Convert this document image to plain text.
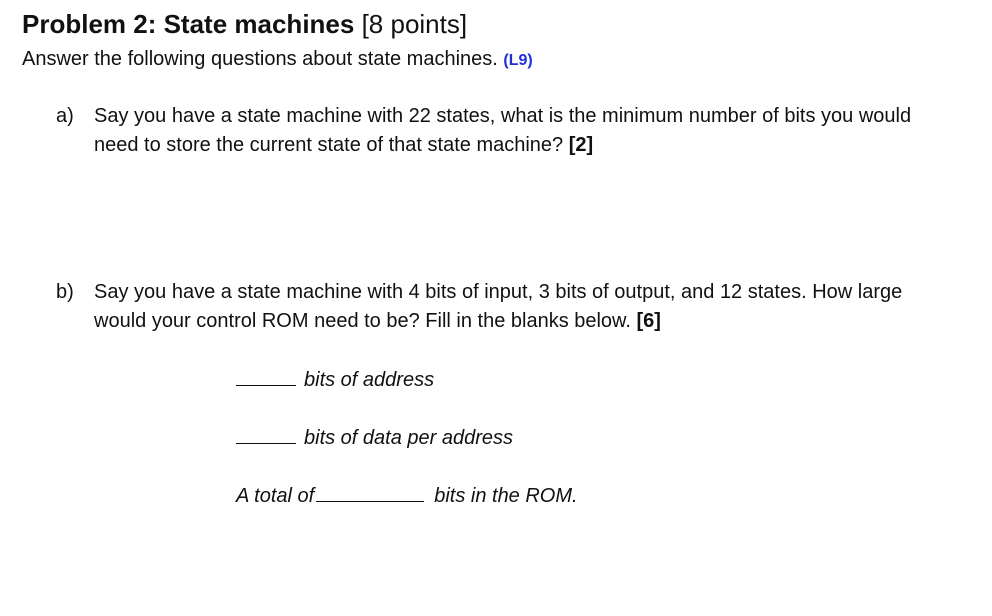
Problem 2: State machines [8 points]
Answer the following questions about state machines. (L9)
a) Say you have a state machine with 22 states, what is the minimum number of bits you would need to store the current state of that state machine? [2]
b) Say you have a state machine with 4 bits of input, 3 bits of output, and 12 states. How large would your control ROM need to be? Fill in the blanks below. [6]
bits of address
bits of data per address
A total of	bits in the ROM.
